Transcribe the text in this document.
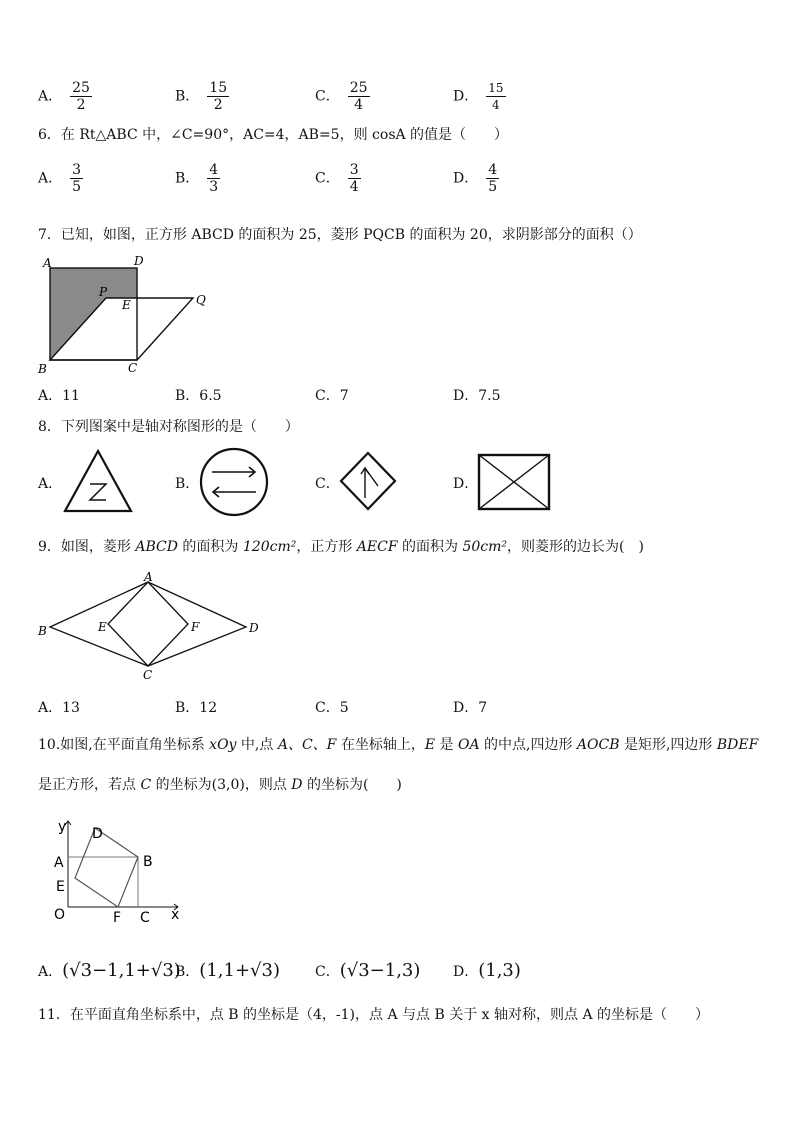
A． $\frac{25}{2}$	B． $\frac{15}{2}$	C． $\frac{25}{4}$	D． $\frac{15}{4}$
6．在 Rt△ABC 中，∠C=90°，AC=4，AB=5，则 cosA 的值是（　　）
A． $\frac{3}{5}$	B． $\frac{4}{3}$	C． $\frac{3}{4}$	D． $\frac{4}{5}$
7．已知，如图，正方形 ABCD 的面积为 25，菱形 PQCB 的面积为 20，求阴影部分的面积（）
A	D
P
E	Q
B	C
A．11	B．6.5	C．7	D．7.5
8．下列图案中是轴对称图形的是（　　）
A．	B．	C．	D．
9．如图，菱形 ABCD 的面积为 120cm²，正方形 AECF 的面积为 50cm²，则菱形的边长为(　)
A
B	E	F	D
C
A．13	B．12	C．5	D．7
10.如图,在平面直角坐标系 xOy 中,点 A、C、F 在坐标轴上，E 是 OA 的中点,四边形 AOCB 是矩形,四边形 BDEF
是正方形，若点 C 的坐标为(3,0)，则点 D 的坐标为(　　)
y D
A	B
E
O	F C x
A．(√3−1,1+√3)
B．(1,1+√3)	C．(√3−1,3) D．(1,3)
11．在平面直角坐标系中，点 B 的坐标是（4，-1)，点 A 与点 B 关于 x 轴对称，则点 A 的坐标是（　　）
